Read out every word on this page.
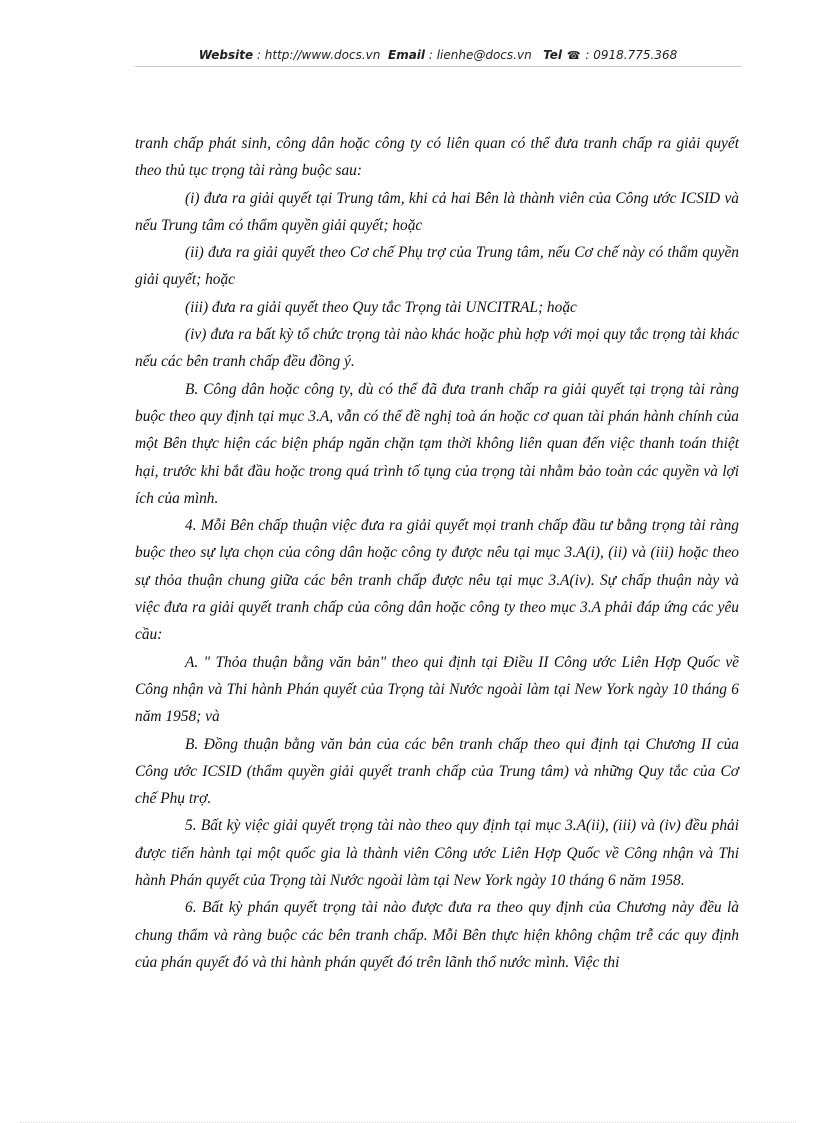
Website : http://www.docs.vn Email : lienhe@docs.vn Tel ☎ : 0918.775.368

tranh chấp phát sinh, công dân hoặc công ty có liên quan có thể đưa tranh chấp ra giải quyết theo thủ tục trọng tài ràng buộc sau:

(i) đưa ra giải quyết tại Trung tâm, khi cả hai Bên là thành viên của Công ước ICSID và nếu Trung tâm có thẩm quyền giải quyết; hoặc

(ii) đưa ra giải quyết theo Cơ chế Phụ trợ của Trung tâm, nếu Cơ chế này có thẩm quyền giải quyết; hoặc

(iii) đưa ra giải quyết theo Quy tắc Trọng tài UNCITRAL; hoặc

(iv) đưa ra bất kỳ tổ chức trọng tài nào khác hoặc phù hợp với mọi quy tắc trọng tài khác nếu các bên tranh chấp đều đồng ý.

B. Công dân hoặc công ty, dù có thể đã đưa tranh chấp ra giải quyết tại trọng tài ràng buộc theo quy định tại mục 3.A, vẫn có thể đề nghị toà án hoặc cơ quan tài phán hành chính của một Bên thực hiện các biện pháp ngăn chặn tạm thời không liên quan đến việc thanh toán thiệt hại, trước khi bắt đầu hoặc trong quá trình tố tụng của trọng tài nhằm bảo toàn các quyền và lợi ích của mình.

4. Mỗi Bên chấp thuận việc đưa ra giải quyết mọi tranh chấp đầu tư bằng trọng tài ràng buộc theo sự lựa chọn của công dân hoặc công ty được nêu tại mục 3.A(i), (ii) và (iii) hoặc theo sự thỏa thuận chung giữa các bên tranh chấp được nêu tại mục 3.A(iv). Sự chấp thuận này và việc đưa ra giải quyết tranh chấp của công dân hoặc công ty theo mục 3.A phải đáp ứng các yêu cầu:

A. " Thỏa thuận bằng văn bản" theo qui định tại Điều II Công ước Liên Hợp Quốc về Công nhận và Thi hành Phán quyết của Trọng tài Nước ngoài làm tại New York ngày 10 tháng 6 năm 1958; và

B. Đồng thuận bằng văn bản của các bên tranh chấp theo qui định tại Chương II của Công ước ICSID (thẩm quyền giải quyết tranh chấp của Trung tâm) và những Quy tắc của Cơ chế Phụ trợ.

5. Bất kỳ việc giải quyết trọng tài nào theo quy định tại mục 3.A(ii), (iii) và (iv) đều phải được tiến hành tại một quốc gia là thành viên Công ước Liên Hợp Quốc về Công nhận và Thi hành Phán quyết của Trọng tài Nước ngoài làm tại New York ngày 10 tháng 6 năm 1958.

6. Bất kỳ phán quyết trọng tài nào được đưa ra theo quy định của Chương này đều là chung thẩm và ràng buộc các bên tranh chấp. Mỗi Bên thực hiện không chậm trễ các quy định của phán quyết đó và thi hành phán quyết đó trên lãnh thổ nước mình. Việc thi
